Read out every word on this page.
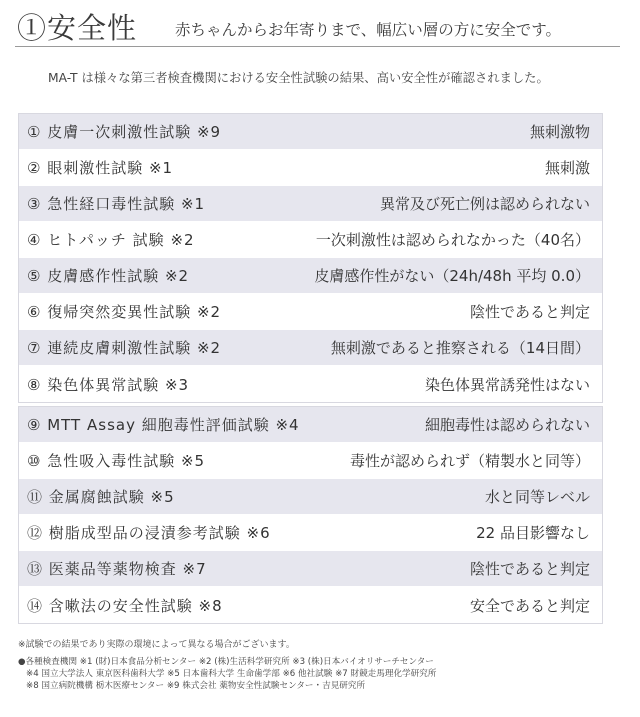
①安全性 赤ちゃんからお年寄りまで、幅広い層の方に安全です。
MA-T は様々な第三者検査機関における安全性試験の結果、高い安全性が確認されました。
① 皮膚一次刺激性試験 ※9	無刺激物
② 眼刺激性試験 ※1	無刺激
③ 急性経口毒性試験 ※1	異常及び死亡例は認められない
④ ヒトパッチ 試験 ※2	一次刺激性は認められなかった（40名）
⑤ 皮膚感作性試験 ※2	皮膚感作性がない（24h/48h 平均 0.0）
⑥ 復帰突然変異性試験 ※2	陰性であると判定
⑦ 連続皮膚刺激性試験 ※2	無刺激であると推察される（14日間）
⑧ 染色体異常試験 ※3	染色体異常誘発性はない
⑨ MTT Assay 細胞毒性評価試験 ※4	細胞毒性は認められない
⑩ 急性吸入毒性試験 ※5	毒性が認められず（精製水と同等）
⑪ 金属腐蝕試験 ※5	水と同等レベル
⑫ 樹脂成型品の浸漬参考試験 ※6	22 品目影響なし
⑬ 医薬品等薬物検査 ※7	陰性であると判定
⑭ 含嗽法の安全性試験 ※8	安全であると判定
※試験での結果であり実際の環境によって異なる場合がございます。
●各種検査機関 ※1 (財)日本食品分析センター ※2 (株)生活科学研究所 ※3 (株)日本バイオリサーチセンター
※4 国立大学法人 東京医科歯科大学 ※5 日本歯科大学 生命歯学部 ※6 他社試験 ※7 財競走馬理化学研究所
※8 国立病院機構 栃木医療センター ※9 株式会社 薬物安全性試験センター・吉見研究所
